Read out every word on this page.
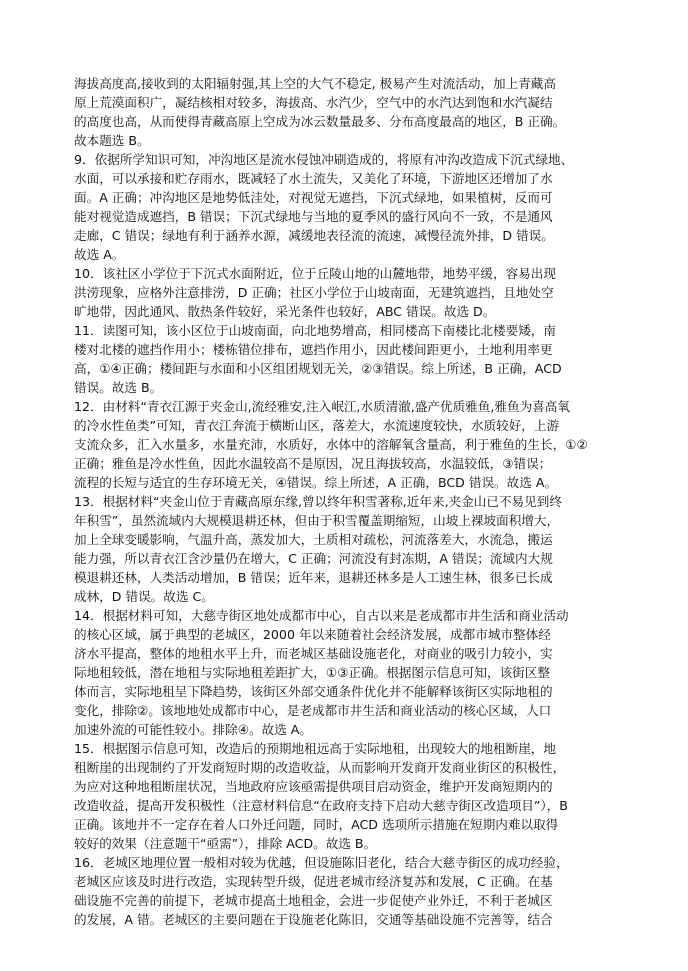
海拔高度高,接收到的太阳辐射强,其上空的大气不稳定, 极易产生对流活动，加上青藏高
原上荒漠面积广，凝结核相对较多，海拔高、水汽少，空气中的水汽达到饱和水汽凝结
的高度也高，从而使得青藏高原上空成为冰云数量最多、分布高度最高的地区，B 正确。
故本题选 B。
9．依据所学知识可知，冲沟地区是流水侵蚀冲刷造成的，将原有冲沟改造成下沉式绿地、
水面，可以承接和贮存雨水，既减轻了水土流失，又美化了环境，下游地区还增加了水
面。A 正确；冲沟地区是地势低洼处，对视觉无遮挡，下沉式绿地，如果植树，反而可
能对视觉造成遮挡，B 错误；下沉式绿地与当地的夏季风的盛行风向不一致，不是通风
走廊，C 错误；绿地有利于涵养水源，减缓地表径流的流速，减慢径流外排，D 错误。
故选 A。
10．该社区小学位于下沉式水面附近，位于丘陵山地的山麓地带，地势平缓，容易出现
洪涝现象，应格外注意排涝，D 正确；社区小学位于山坡南面，无建筑遮挡，且地处空
旷地带，因此通风、散热条件较好，采光条件也较好，ABC 错误。故选 D。
11．读图可知，该小区位于山坡南面，向北地势增高，相同楼高下南楼比北楼要矮，南
楼对北楼的遮挡作用小；楼栋错位排布，遮挡作用小，因此楼间距更小，土地利用率更
高，①④正确；楼间距与水面和小区组团规划无关，②③错误。综上所述，B 正确，ACD
错误。故选 B。
12．由材料“青衣江源于夹金山,流经雅安,注入岷江,水质清澈,盛产优质雅鱼,雅鱼为喜高氧
的冷水性鱼类”可知，青衣江奔流于横断山区，落差大，水流速度较快，水质较好，上游
支流众多，汇入水量多，水量充沛，水质好，水体中的溶解氧含量高，利于雅鱼的生长，①②
正确；雅鱼是冷水性鱼，因此水温较高不是原因，况且海拔较高，水温较低，③错误；
流程的长短与适宜的生存环境无关，④错误。综上所述，A 正确，BCD 错误。故选 A。
13．根据材料“夹金山位于青藏高原东缘,曾以终年积雪著称,近年来,夹金山已不易见到终
年积雪”，虽然流域内大规模退耕还林，但由于积雪覆盖期缩短，山坡上裸坡面积增大，
加上全球变暖影响，气温升高，蒸发加大，土质相对疏松，河流落差大，水流急，搬运
能力强，所以青衣江含沙量仍在增大，C 正确；河流没有封冻期，A 错误；流域内大规
模退耕还林，人类活动增加，B 错误；近年来，退耕还林多是人工速生林，很多已长成
成林，D 错误。故选 C。
14．根据材料可知，大慈寺街区地处成都市中心，自古以来是老成都市井生活和商业活动
的核心区域，属于典型的老城区，2000 年以来随着社会经济发展，成都市城市整体经
济水平提高，整体的地租水平上升，而老城区基础设施老化，对商业的吸引力较小，实
际地租较低，潜在地租与实际地租差距扩大，①③正确。根据图示信息可知，该街区整
体而言，实际地租呈下降趋势，该街区外部交通条件优化并不能解释该街区实际地租的
变化，排除②。该地地处成都市中心，是老成都市井生活和商业活动的核心区域，人口
加速外流的可能性较小。排除④。故选 A。
15．根据图示信息可知，改造后的预期地租远高于实际地租，出现较大的地租断崖，地
租断崖的出现制约了开发商短时期的改造收益，从而影响开发商开发商业街区的积极性，
为应对这种地租断崖状况，当地政府应该亟需提供项目启动资金，维护开发商短期内的
改造收益，提高开发积极性（注意材料信息“在政府支持下启动大慈寺街区改造项目”），B
正确。该地并不一定存在着人口外迁问题，同时，ACD 选项所示措施在短期内难以取得
较好的效果（注意题干“亟需”），排除 ACD。故选 B。
16．老城区地理位置一般相对较为优越，但设施陈旧老化，结合大慈寺街区的成功经验，
老城区应该及时进行改造，实现转型升级，促进老城市经济复苏和发展，C 正确。在基
础设施不完善的前提下，老城市提高土地租金，会进一步促使产业外迁，不利于老城区
的发展，A 错。老城区的主要问题在于设施老化陈旧，交通等基础设施不完善等，结合
